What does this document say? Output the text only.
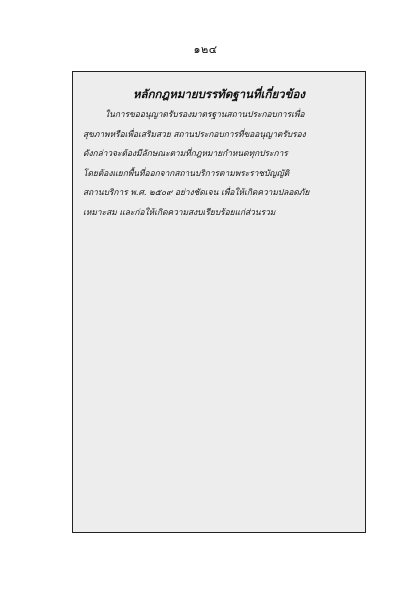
๑๒๔
หลักกฎหมายบรรทัดฐานที่เกี่ยวข้อง
ในการขออนุญาตรับรองมาตรฐานสถานประกอบการเพื่อ
สุขภาพหรือเพื่อเสริมสวย สถานประกอบการที่ขออนุญาตรับรอง
ดังกล่าวจะต้องมีลักษณะตามที่กฎหมายกำหนดทุกประการ
โดยต้องแยกพื้นที่ออกจากสถานบริการตามพระราชบัญญัติ
สถานบริการ พ.ศ. ๒๕๐๙ อย่างชัดเจน เพื่อให้เกิดความปลอดภัย
เหมาะสม และก่อให้เกิดความสงบเรียบร้อยแก่ส่วนรวม
